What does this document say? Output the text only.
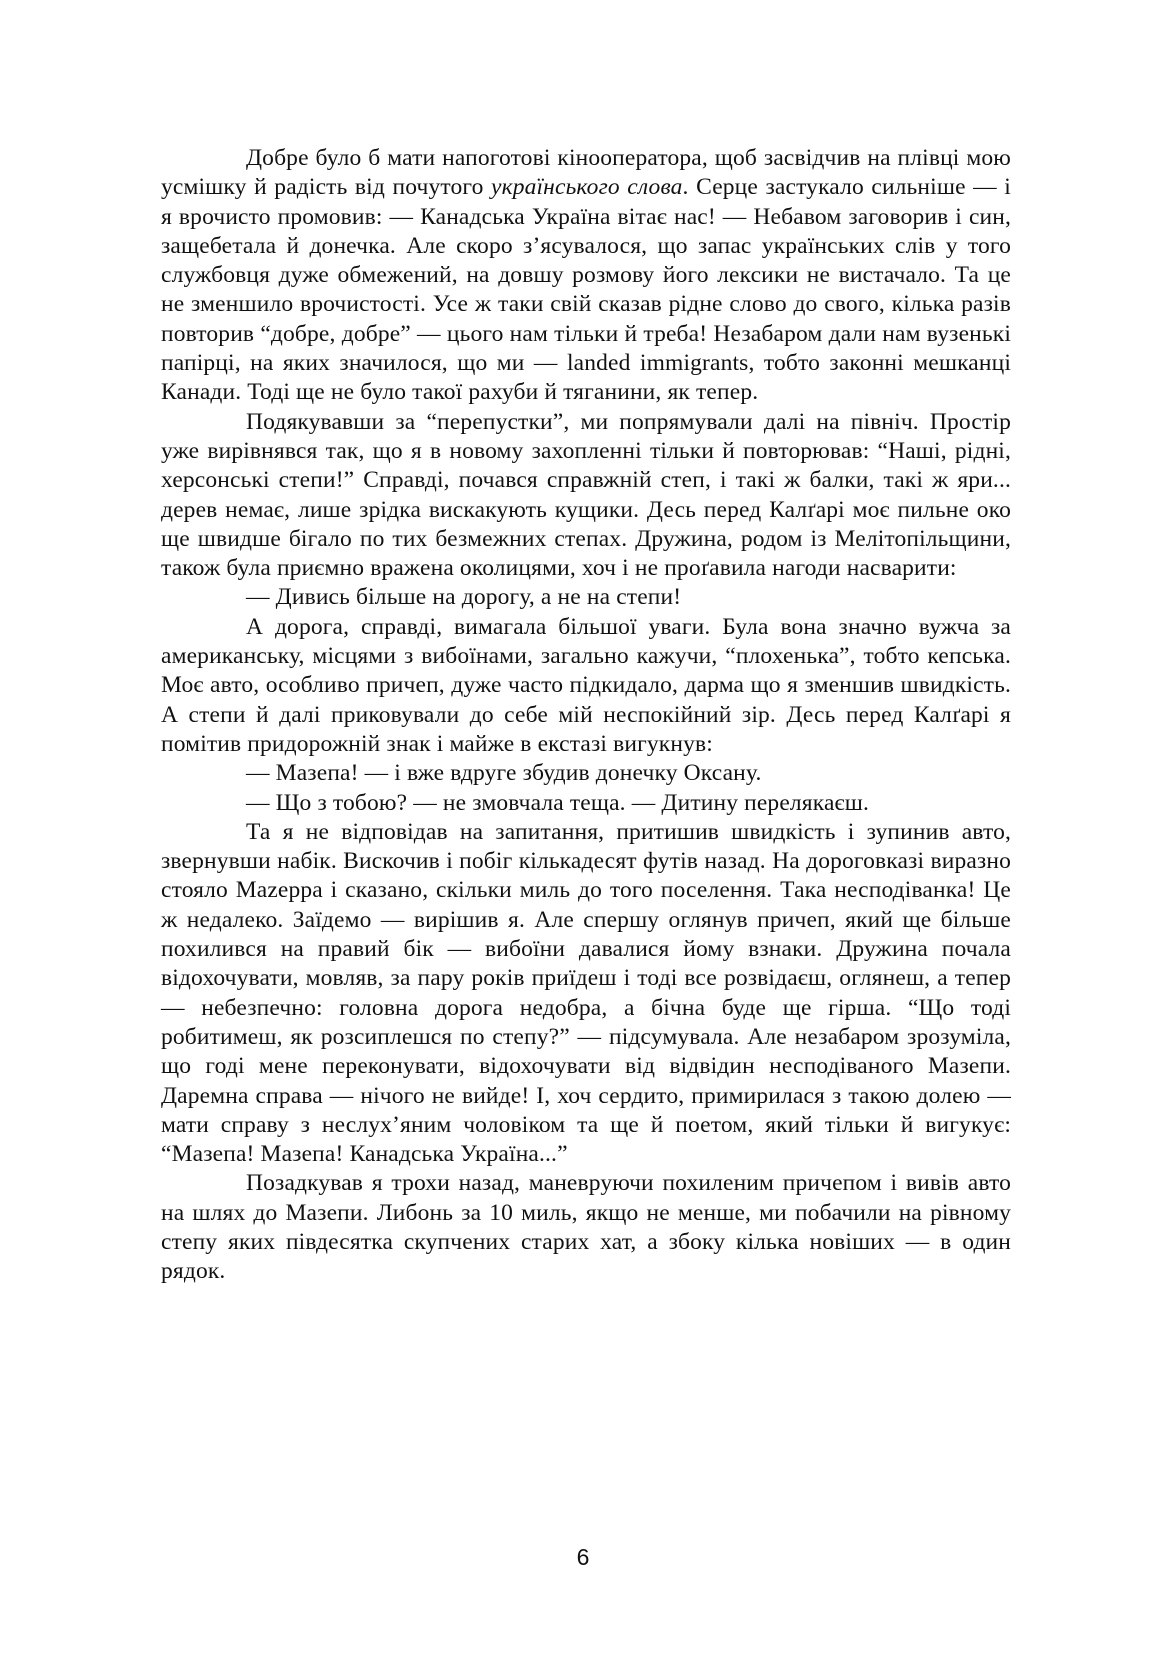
Добре було б мати напоготові кінооператора, щоб засвідчив на плівці мою усмішку й радість від почутого українського слова. Серце застукало сильніше — і я врочисто промовив: — Канадська Україна вітає нас! — Небавом заговорив і син, защебетала й донечка. Але скоро з’ясувалося, що запас українських слів у того службовця дуже обмежений, на довшу розмову його лексики не вистачало. Та це не зменшило врочистості. Усе ж таки свій сказав рідне слово до свого, кілька разів повторив “добре, добре” — цього нам тільки й треба! Незабаром дали нам вузенькі папірці, на яких значилося, що ми — landed immigrants, тобто законні мешканці Канади. Тоді ще не було такої рахуби й тяганини, як тепер.

Подякувавши за “перепустки”, ми попрямували далі на північ. Простір уже вирівнявся так, що я в новому захопленні тільки й повторював: “Наші, рідні, херсонські степи!” Справді, почався справжній степ, і такі ж балки, такі ж яри... дерев немає, лише зрідка вискакують кущики. Десь перед Калґарі моє пильне око ще швидше бігало по тих безмежних степах. Дружина, родом із Мелітопільщини, також була приємно вражена околицями, хоч і не проґавила нагоди насварити:

— Дивись більше на дорогу, а не на степи!

А дорога, справді, вимагала більшої уваги. Була вона значно вужча за американську, місцями з вибоїнами, загально кажучи, “плохенька”, тобто кепська. Моє авто, особливо причеп, дуже часто підкидало, дарма що я зменшив швидкість. А степи й далі приковували до себе мій неспокійний зір. Десь перед Калґарі я помітив придорожній знак і майже в екстазі вигукнув:

— Мазепа! — і вже вдруге збудив донечку Оксану.

— Що з тобою? — не змовчала теща. — Дитину перелякаєш.

Та я не відповідав на запитання, притишив швидкість і зупинив авто, звернувши набік. Вискочив і побіг кількадесят футів назад. На дороговказі виразно стояло Mazeppa і сказано, скільки миль до того поселення. Така несподіванка! Це ж недалеко. Заїдемо — вирішив я. Але спершу оглянув причеп, який ще більше похилився на правий бік — вибоїни давалися йому взнаки. Дружина почала відохочувати, мовляв, за пару років приїдеш і тоді все розвідаєш, оглянеш, а тепер — небезпечно: головна дорога недобра, а бічна буде ще гірша. “Що тоді робитимеш, як розсиплешся по степу?” — підсумувала. Але незабаром зрозуміла, що годі мене переконувати, відохочувати від відвідин несподіваного Мазепи. Даремна справа — нічого не вийде! І, хоч сердито, примирилася з такою долею — мати справу з неслух’яним чоловіком та ще й поетом, який тільки й вигукує: “Мазепа! Мазепа! Канадська Україна...”

Позадкував я трохи назад, маневруючи похиленим причепом і вивів авто на шлях до Мазепи. Либонь за 10 миль, якщо не менше, ми побачили на рівному степу яких півдесятка скупчених старих хат, а збоку кілька новіших — в один рядок.

6
